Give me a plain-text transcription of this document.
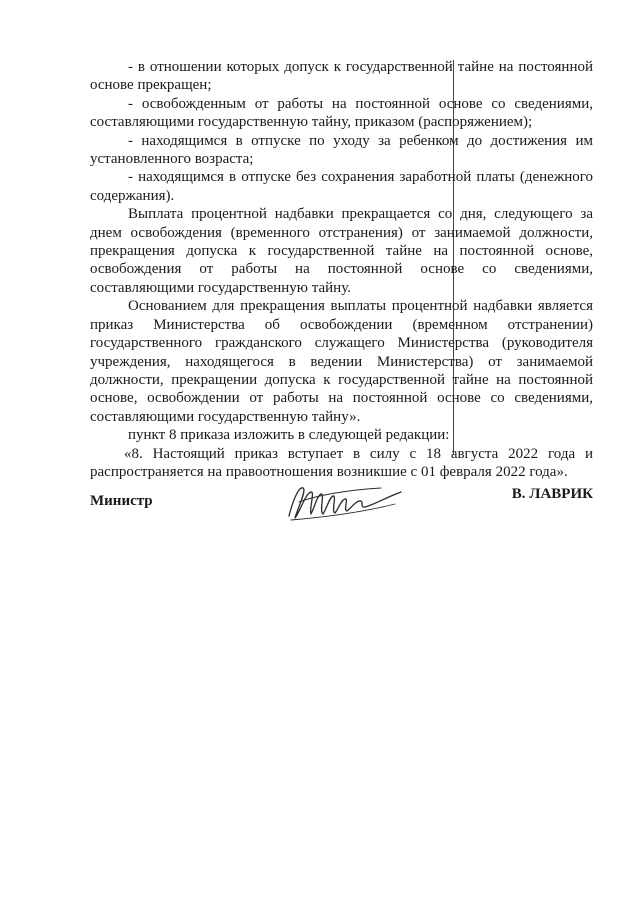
- в отношении которых допуск к государственной тайне на постоянной основе прекращен;

- освобожденным от работы на постоянной основе со сведениями, составляющими государственную тайну, приказом (распоряжением);

- находящимся в отпуске по уходу за ребенком до достижения им установленного возраста;

- находящимся в отпуске без сохранения заработной платы (денежного содержания).

Выплата процентной надбавки прекращается со дня, следующего за днем освобождения (временного отстранения) от занимаемой должности, прекращения допуска к государственной тайне на постоянной основе, освобождения от работы на постоянной основе со сведениями, составляющими государственную тайну.

Основанием для прекращения выплаты процентной надбавки является приказ Министерства об освобождении (временном отстранении) государственного гражданского служащего Министерства (руководителя учреждения, находящегося в ведении Министерства) от занимаемой должности, прекращении допуска к государственной тайне на постоянной основе, освобождении от работы на постоянной основе со сведениями, составляющими государственную тайну».

пункт 8 приказа изложить в следующей редакции:

«8. Настоящий приказ вступает в силу с 18 августа 2022 года и распространяется на правоотношения возникшие с 01 февраля 2022 года».

Министр	В. ЛАВРИК
